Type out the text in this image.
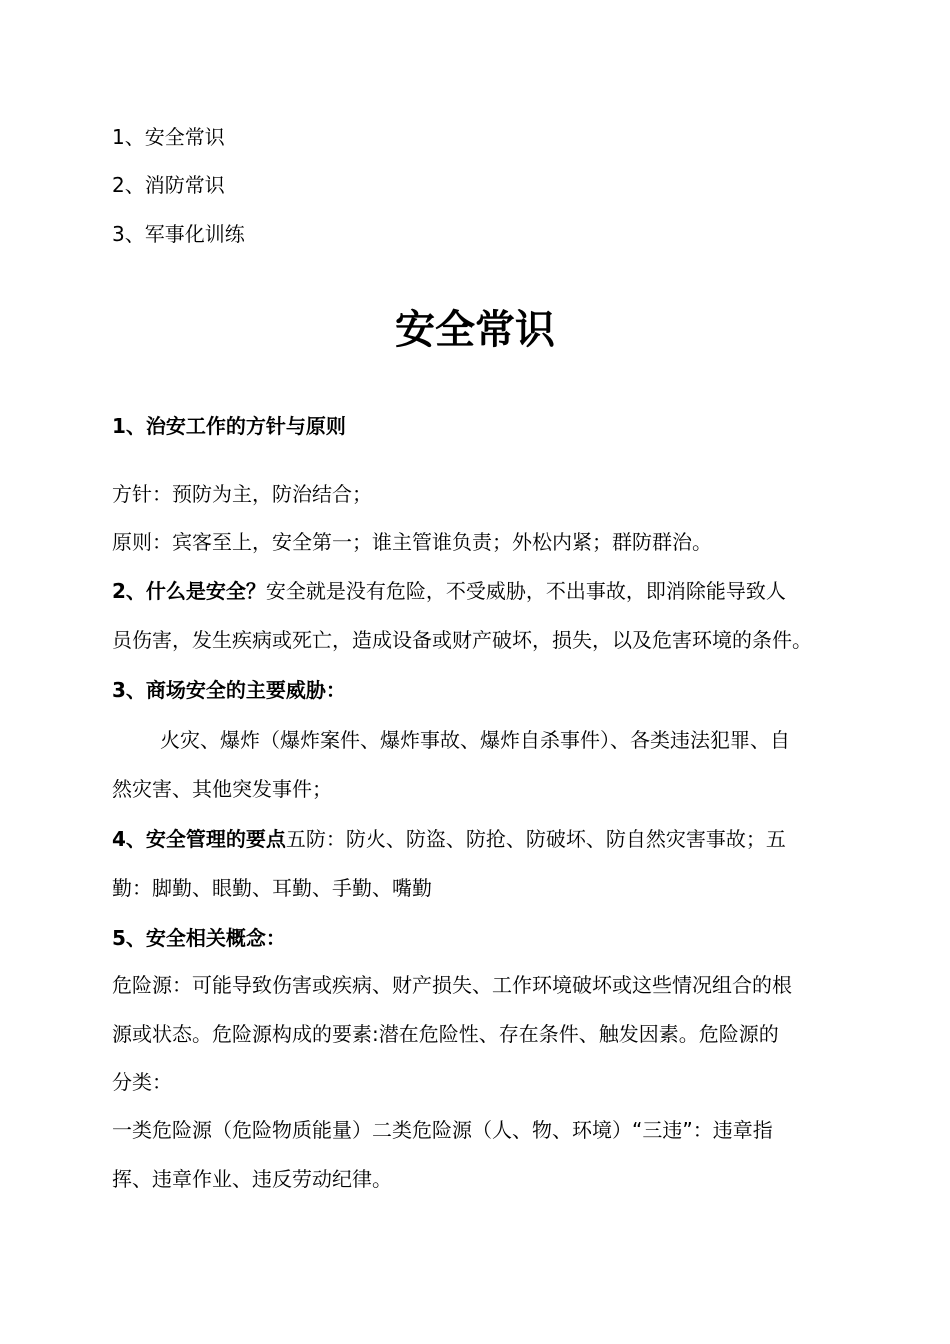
1、安全常识
2、消防常识
3、军事化训练
安全常识
1、治安工作的方针与原则
方针：预防为主，防治结合；
原则：宾客至上，安全第一；谁主管谁负责；外松内紧；群防群治。
2、什么是安全？安全就是没有危险，不受威胁，不出事故，即消除能导致人
员伤害，发生疾病或死亡，造成设备或财产破坏，损失，以及危害环境的条件。
3、商场安全的主要威胁：
火灾、爆炸（爆炸案件、爆炸事故、爆炸自杀事件）、各类违法犯罪、自
然灾害、其他突发事件；
4、安全管理的要点五防：防火、防盗、防抢、防破坏、防自然灾害事故；五
勤：脚勤、眼勤、耳勤、手勤、嘴勤
5、安全相关概念：
危险源：可能导致伤害或疾病、财产损失、工作环境破坏或这些情况组合的根
源或状态。危险源构成的要素:潜在危险性、存在条件、触发因素。危险源的
分类：
一类危险源（危险物质能量）二类危险源（人、物、环境）“三违”：违章指
挥、违章作业、违反劳动纪律。
